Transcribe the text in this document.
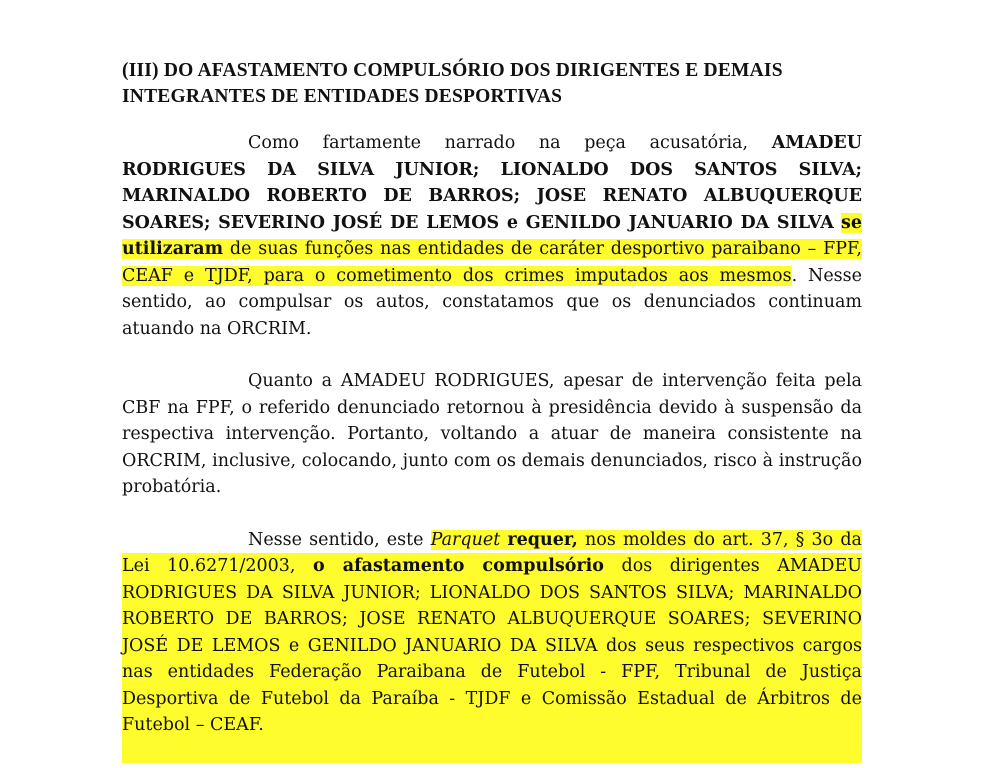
(III) DO AFASTAMENTO COMPULSÓRIO DOS DIRIGENTES E DEMAIS INTEGRANTES DE ENTIDADES DESPORTIVAS

Como fartamente narrado na peça acusatória, AMADEU RODRIGUES DA SILVA JUNIOR; LIONALDO DOS SANTOS SILVA; MARINALDO ROBERTO DE BARROS; JOSE RENATO ALBUQUERQUE SOARES; SEVERINO JOSÉ DE LEMOS e GENILDO JANUARIO DA SILVA se utilizaram de suas funções nas entidades de caráter desportivo paraibano – FPF, CEAF e TJDF, para o cometimento dos crimes imputados aos mesmos. Nesse sentido, ao compulsar os autos, constatamos que os denunciados continuam atuando na ORCRIM.

Quanto a AMADEU RODRIGUES, apesar de intervenção feita pela CBF na FPF, o referido denunciado retornou à presidência devido à suspensão da respectiva intervenção. Portanto, voltando a atuar de maneira consistente na ORCRIM, inclusive, colocando, junto com os demais denunciados, risco à instrução probatória.

Nesse sentido, este Parquet requer, nos moldes do art. 37, § 3o da Lei 10.6271/2003, o afastamento compulsório dos dirigentes AMADEU RODRIGUES DA SILVA JUNIOR; LIONALDO DOS SANTOS SILVA; MARINALDO ROBERTO DE BARROS; JOSE RENATO ALBUQUERQUE SOARES; SEVERINO JOSÉ DE LEMOS e GENILDO JANUARIO DA SILVA dos seus respectivos cargos nas entidades Federação Paraibana de Futebol - FPF, Tribunal de Justiça Desportiva de Futebol da Paraíba - TJDF e Comissão Estadual de Árbitros de Futebol – CEAF.
